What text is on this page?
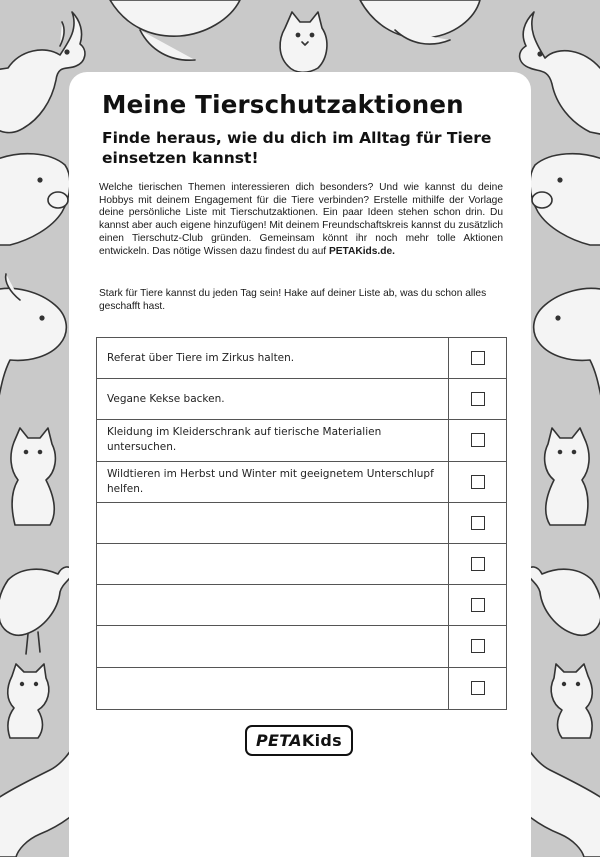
Meine Tierschutzaktionen
Finde heraus, wie du dich im Alltag für Tiere einsetzen kannst!
Welche tierischen Themen interessieren dich besonders? Und wie kannst du deine Hobbys mit deinem Engagement für die Tiere verbinden? Erstelle mithilfe der Vorlage deine persönliche Liste mit Tierschutzaktionen. Ein paar Ideen stehen schon drin. Du kannst aber auch eigene hinzufügen! Mit deinem Freundschaftskreis kannst du zusätzlich einen Tierschutz-Club gründen. Gemeinsam könnt ihr noch mehr tolle Aktionen entwickeln. Das nötige Wissen dazu findest du auf PETAKids.de.
Stark für Tiere kannst du jeden Tag sein! Hake auf deiner Liste ab, was du schon alles geschafft hast.
Referat über Tiere im Zirkus halten.
Vegane Kekse backen.
Kleidung im Kleiderschrank auf tierische Materialien untersuchen.
Wildtieren im Herbst und Winter mit geeignetem Unterschlupf helfen.
PETA Kids
